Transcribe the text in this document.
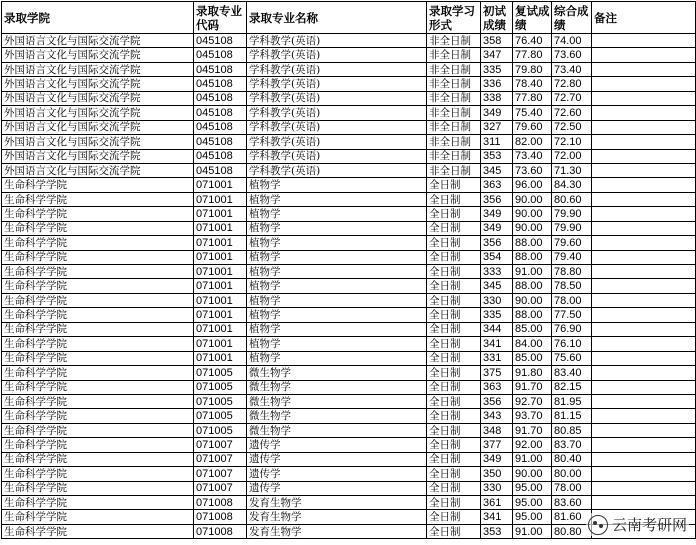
录取学院	录取专业代码	录取专业名称	录取学习形式	初试成绩	复试成绩	综合成绩	备注
外国语言文化与国际交流学院	045108	学科教学(英语)	非全日制	358	76.40	74.00	
外国语言文化与国际交流学院	045108	学科教学(英语)	非全日制	347	77.80	73.60	
外国语言文化与国际交流学院	045108	学科教学(英语)	非全日制	335	79.80	73.40	
外国语言文化与国际交流学院	045108	学科教学(英语)	非全日制	336	78.40	72.80	
外国语言文化与国际交流学院	045108	学科教学(英语)	非全日制	338	77.80	72.70	
外国语言文化与国际交流学院	045108	学科教学(英语)	非全日制	349	75.40	72.60	
外国语言文化与国际交流学院	045108	学科教学(英语)	非全日制	327	79.60	72.50	
外国语言文化与国际交流学院	045108	学科教学(英语)	非全日制	311	82.00	72.10	
外国语言文化与国际交流学院	045108	学科教学(英语)	非全日制	353	73.40	72.00	
外国语言文化与国际交流学院	045108	学科教学(英语)	非全日制	345	73.60	71.30	
生命科学学院	071001	植物学	全日制	363	96.00	84.30	
生命科学学院	071001	植物学	全日制	356	90.00	80.60	
生命科学学院	071001	植物学	全日制	349	90.00	79.90	
生命科学学院	071001	植物学	全日制	349	90.00	79.90	
生命科学学院	071001	植物学	全日制	356	88.00	79.60	
生命科学学院	071001	植物学	全日制	354	88.00	79.40	
生命科学学院	071001	植物学	全日制	333	91.00	78.80	
生命科学学院	071001	植物学	全日制	345	88.00	78.50	
生命科学学院	071001	植物学	全日制	330	90.00	78.00	
生命科学学院	071001	植物学	全日制	335	88.00	77.50	
生命科学学院	071001	植物学	全日制	344	85.00	76.90	
生命科学学院	071001	植物学	全日制	341	84.00	76.10	
生命科学学院	071001	植物学	全日制	331	85.00	75.60	
生命科学学院	071005	微生物学	全日制	375	91.80	83.40	
生命科学学院	071005	微生物学	全日制	363	91.70	82.15	
生命科学学院	071005	微生物学	全日制	356	92.70	81.95	
生命科学学院	071005	微生物学	全日制	343	93.70	81.15	
生命科学学院	071005	微生物学	全日制	348	91.70	80.85	
生命科学学院	071007	遗传学	全日制	377	92.00	83.70	
生命科学学院	071007	遗传学	全日制	349	91.00	80.40	
生命科学学院	071007	遗传学	全日制	350	90.00	80.00	
生命科学学院	071007	遗传学	全日制	330	95.00	78.00	
生命科学学院	071008	发育生物学	全日制	361	95.00	83.60	
生命科学学院	071008	发育生物学	全日制	341	95.00	81.60	
生命科学学院	071008	发育生物学	全日制	353	91.00	80.80	云南考研网
